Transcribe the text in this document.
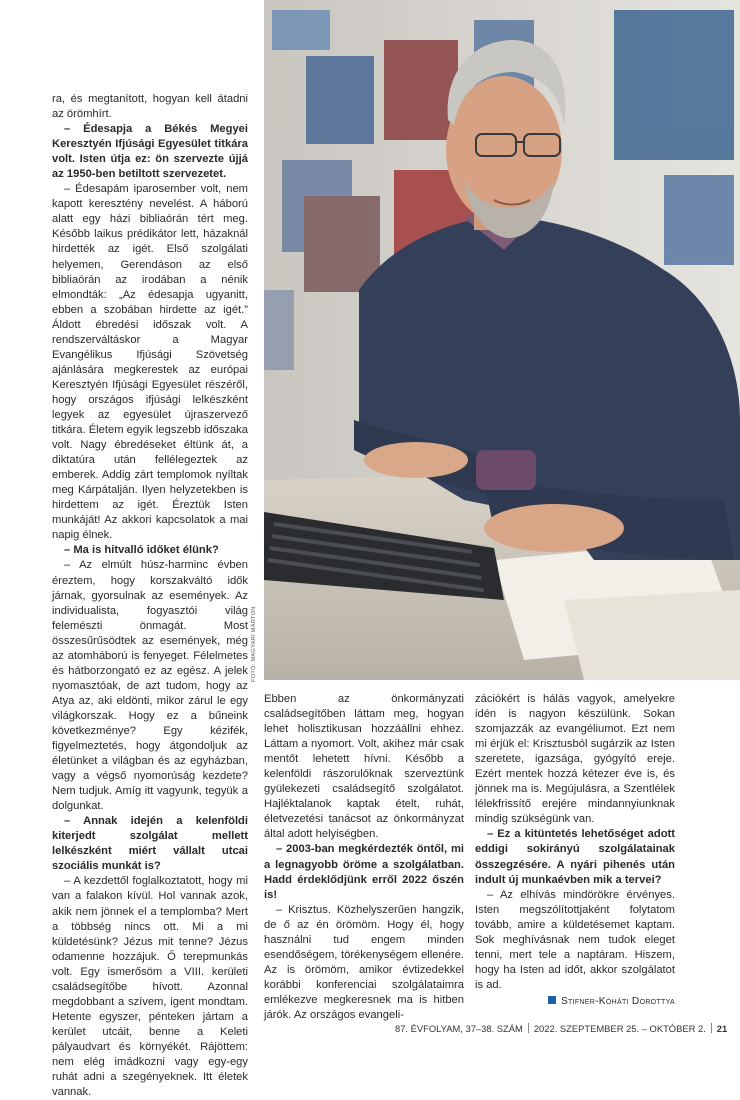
ra, és megtanított, hogyan kell átadni az örömhírt.

– Édesapja a Békés Megyei Keresztyén Ifjúsági Egyesület titkára volt. Isten útja ez: ön szervezte újjá az 1950-ben betiltott szervezetet.

– Édesapám iparosember volt, nem kapott keresztény nevelést. A háború alatt egy házi bibliaórán tért meg. Később laikus prédikátor lett, házaknál hirdették az igét. Első szolgálati helyemen, Gerendáson az első bibliaórán az irodában a nénik elmondták: „Az édesapja ugyanitt, ebben a szobában hirdette az igét.” Áldott ébredési időszak volt. A rendszerváltáskor a Magyar Evangélikus Ifjúsági Szövetség ajánlására megkerestek az európai Keresztyén Ifjúsági Egyesület részéről, hogy országos ifjúsági lelkészként legyek az egyesület újraszervező titkára. Életem egyik legszebb időszaka volt. Nagy ébredéseket éltünk át, a diktatúra után fellélegeztek az emberek. Addig zárt templomok nyíltak meg Kárpátalján. Ilyen helyzetekben is hirdettem az igét. Éreztük Isten munkáját! Az akkori kapcsolatok a mai napig élnek.

– Ma is hitvalló időket élünk?

– Az elmúlt húsz-harminc évben éreztem, hogy korszakváltó idők járnak, gyorsulnak az események. Az individualista, fogyasztói világ felemészti önmagát. Most összesűrűsödtek az események, még az atomháború is fenyeget. Félelmetes és hátborzongató ez az egész. A jelek nyomasztóak, de azt tudom, hogy az Atya az, aki eldönti, mikor zárul le egy világkorszak. Hogy ez a bűneink következménye? Egy kézifék, figyelmeztetés, hogy átgondoljuk az életünket a világban és az egyházban, vagy a végső nyomorúság kezdete? Nem tudjuk. Amíg itt vagyunk, tegyük a dolgunkat.

– Annak idején a kelenföldi kiterjedt szolgálat mellett lelkészként miért vállalt utcai szociális munkát is?

– A kezdettől foglalkoztatott, hogy mi van a falakon kívül. Hol vannak azok, akik nem jönnek el a templomba? Mert a többség nincs ott. Mi a mi küldetésünk? Jézus mit tenne? Jézus odamenne hozzájuk. Ő terepmunkás volt. Egy ismerősöm a VIII. kerületi családsegítőbe hívott. Azonnal megdobbant a szívem, igent mondtam. Hetente egyszer, pénteken jártam a kerület utcáit, benne a Keleti pályaudvart és környékét. Rájöttem: nem elég imádkozni vagy egy-egy ruhát adni a szegényeknek. Itt életek vannak.

FOTÓ: MAGYARI MÁRTON

Ebben az önkormányzati családsegítőben láttam meg, hogyan lehet holisztikusan hozzáállni ehhez. Láttam a nyomort. Volt, akihez már csak mentőt lehetett hívni. Később a kelenföldi rászorulóknak szerveztünk gyülekezeti családsegítő szolgálatot. Hajléktalanok kaptak ételt, ruhát, életvezetési tanácsot az önkormányzat által adott helyiségben.

– 2003-ban megkérdezték öntől, mi a legnagyobb öröme a szolgálatban. Hadd érdeklődjünk erről 2022 őszén is!

– Krisztus. Közhelyszerűen hangzik, de ő az én örömöm. Hogy él, hogy használni tud engem minden esendőségem, törékenységem ellenére. Az is örömöm, amikor évtizedekkel korábbi konferenciai szolgálataimra emlékezve megkeresnek ma is hitben járók. Az országos evangeli-

zációkért is hálás vagyok, amelyekre idén is nagyon készülünk. Sokan szomjazzák az evangéliumot. Ezt nem mi érjük el: Krisztusból sugárzik az Isten szeretete, igazsága, gyógyító ereje. Ezért mentek hozzá kétezer éve is, és jönnek ma is. Megújulásra, a Szentlélek lélekfrissítő erejére mindannyiunknak mindig szükségünk van.

– Ez a kitüntetés lehetőséget adott eddigi sokirányú szolgálatainak összegzésére. A nyári pihenés után indult új munkaévben mik a tervei?

– Az elhívás mindörökre érvényes. Isten megszólítottjaként folytatom tovább, amire a küldetésemet kaptam. Sok meghívásnak nem tudok eleget tenni, mert tele a naptáram. Hiszem, hogy ha Isten ad időt, akkor szolgálatot is ad.

Stifner-Kóháti Dorottya
87. ÉVFOLYAM, 37–38. SZÁM 2022. SZEPTEMBER 25. – OKTÓBER 2. 21
